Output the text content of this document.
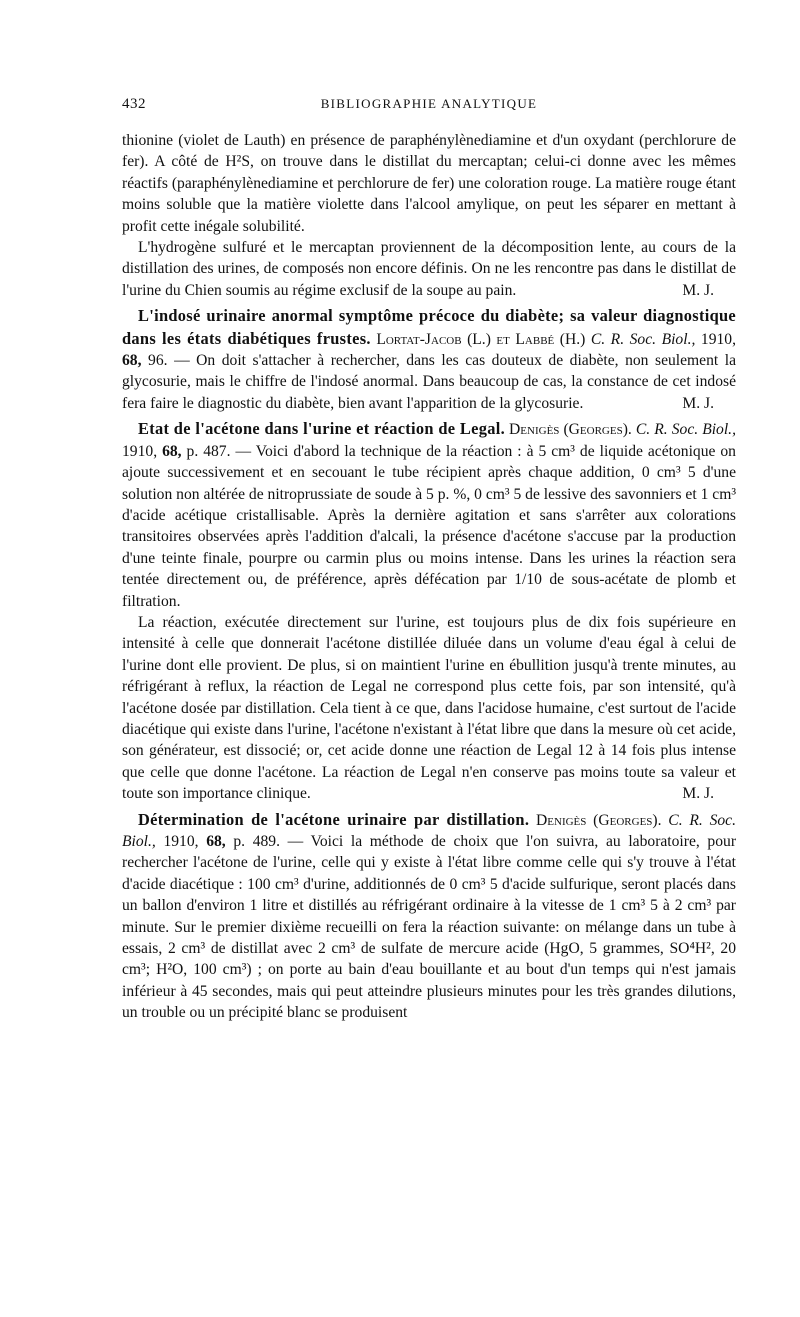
432	BIBLIOGRAPHIE ANALYTIQUE

thionine (violet de Lauth) en présence de paraphénylènediamine et d'un oxydant (perchlorure de fer). A côté de H²S, on trouve dans le distillat du mercaptan; celui-ci donne avec les mêmes réactifs (paraphénylènediamine et perchlorure de fer) une coloration rouge. La matière rouge étant moins soluble que la matière violette dans l'alcool amylique, on peut les séparer en mettant à profit cette inégale solubilité.

L'hydrogène sulfuré et le mercaptan proviennent de la décomposition lente, au cours de la distillation des urines, de composés non encore définis. On ne les rencontre pas dans le distillat de l'urine du Chien soumis au régime exclusif de la soupe au pain.	M. J.

L'indosé urinaire anormal symptôme précoce du diabète; sa valeur diagnostique dans les états diabétiques frustes. Lortat-Jacob (L.) et Labbé (H.) C. R. Soc. Biol., 1910, 68, 96. — On doit s'attacher à rechercher, dans les cas douteux de diabète, non seulement la glycosurie, mais le chiffre de l'indosé anormal. Dans beaucoup de cas, la constance de cet indosé fera faire le diagnostic du diabète, bien avant l'apparition de la glycosurie.	M. J.

Etat de l'acétone dans l'urine et réaction de Legal. Denigès (Georges). C. R. Soc. Biol., 1910, 68, p. 487. — Voici d'abord la technique de la réaction : à 5 cm³ de liquide acétonique on ajoute successivement et en secouant le tube récipient après chaque addition, 0 cm³ 5 d'une solution non altérée de nitroprussiate de soude à 5 p. %, 0 cm³ 5 de lessive des savonniers et 1 cm³ d'acide acétique cristallisable. Après la dernière agitation et sans s'arrêter aux colorations transitoires observées après l'addition d'alcali, la présence d'acétone s'accuse par la production d'une teinte finale, pourpre ou carmin plus ou moins intense. Dans les urines la réaction sera tentée directement ou, de préférence, après défécation par 1/10 de sous-acétate de plomb et filtration.

La réaction, exécutée directement sur l'urine, est toujours plus de dix fois supérieure en intensité à celle que donnerait l'acétone distillée diluée dans un volume d'eau égal à celui de l'urine dont elle provient. De plus, si on maintient l'urine en ébullition jusqu'à trente minutes, au réfrigérant à reflux, la réaction de Legal ne correspond plus cette fois, par son intensité, qu'à l'acétone dosée par distillation. Cela tient à ce que, dans l'acidose humaine, c'est surtout de l'acide diacétique qui existe dans l'urine, l'acétone n'existant à l'état libre que dans la mesure où cet acide, son générateur, est dissocié; or, cet acide donne une réaction de Legal 12 à 14 fois plus intense que celle que donne l'acétone. La réaction de Legal n'en conserve pas moins toute sa valeur et toute son importance clinique.	M. J.

Détermination de l'acétone urinaire par distillation. Denigès (Georges). C. R. Soc. Biol., 1910, 68, p. 489. — Voici la méthode de choix que l'on suivra, au laboratoire, pour rechercher l'acétone de l'urine, celle qui y existe à l'état libre comme celle qui s'y trouve à l'état d'acide diacétique : 100 cm³ d'urine, additionnés de 0 cm³ 5 d'acide sulfurique, seront placés dans un ballon d'environ 1 litre et distillés au réfrigérant ordinaire à la vitesse de 1 cm³ 5 à 2 cm³ par minute. Sur le premier dixième recueilli on fera la réaction suivante: on mélange dans un tube à essais, 2 cm³ de distillat avec 2 cm³ de sulfate de mercure acide (HgO, 5 grammes, SO⁴H², 20 cm³; H²O, 100 cm³) ; on porte au bain d'eau bouillante et au bout d'un temps qui n'est jamais inférieur à 45 secondes, mais qui peut atteindre plusieurs minutes pour les très grandes dilutions, un trouble ou un précipité blanc se produisent
